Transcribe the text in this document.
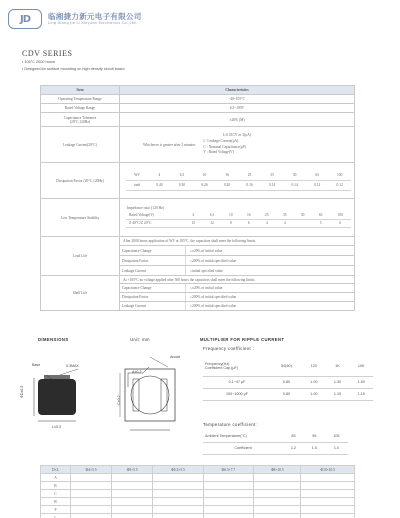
JD	临湘捷力新元电子有限公司
Ling Xiang Jie Li Xinyuan Electronics Co.,Ltd.
CDV SERIES
• 105°C 2000 hours
• Designed for surface mounting on high density circuit board
Item	Characteristics
Operating Temperature Range	-40~105°C
Rated Voltage Range	6.3~100V

Capacitance Tolerance
(20°C,120Hz)	±20% (M)
Leakage Current(20°C)	
I≤0.01CV or 3(μA)
Whichever is greater after 2 minutes
I : Leakage Current(μA)
C : Nominal Capacitance(μF)
V : Rated Voltage(V)

Dissipation Factor (20°C,120Hz)	
WV	4	6.3	10	16	25	35	50	63	100
tanδ	0.40	0.30	0.26	0.20	0.16	0.14	0.14	0.12	0.12

Low Temperature Stability	
Impedance ratio (120 Hz)
Rated Voltage(V)	4	6.3	10	16	25	35	50	63	100
Z-40°C/Z 20°C	15	12	8	6	4	4		5	6

Load Life	After 2000 hours application of WV at 105°C, the capacitors shall meet the following limits.

Capacitance Change	≤±20% of initial value

Dissipation Factor	≤200% of initial specified value

Leakage Current	≤initial specified value

Shelf Life	At +105°C no voltage applied after 500 hours the capacitors shall meet the following limits.

Capacitance Change	≤±20% of initial value

Dissipation Factor	≤200% of initial specified value

Leakage Current	≤200% of initial specified value
DIMENSIONS	Unit: mm	MULTIPLIER FOR RIPPLE CURRENT
Base	0.3MAX
Anode
ΦD±0.5
L±0.3
A±0.2
C±0.2
Frequency coefficient :
Frequency(Hz)
Coefficient Cap.(μF)	50(60)	120	1K	10K
0.1~47 μF	0.80	1.00	1.30	1.50
100~1000 μF	0.80	1.00	1.10	1.15
Temperature coefficient :
Ambient Temperature(°C)	85	95	105
Coefficient	1.2	1.5	1.0
D×L	Φ4×5.5	Φ5×5.5	Φ6.3×5.5	Φ6.3×7.7	Φ8×10.5	Φ10×10.5
A						
B						
C						
W						
P						
L						
